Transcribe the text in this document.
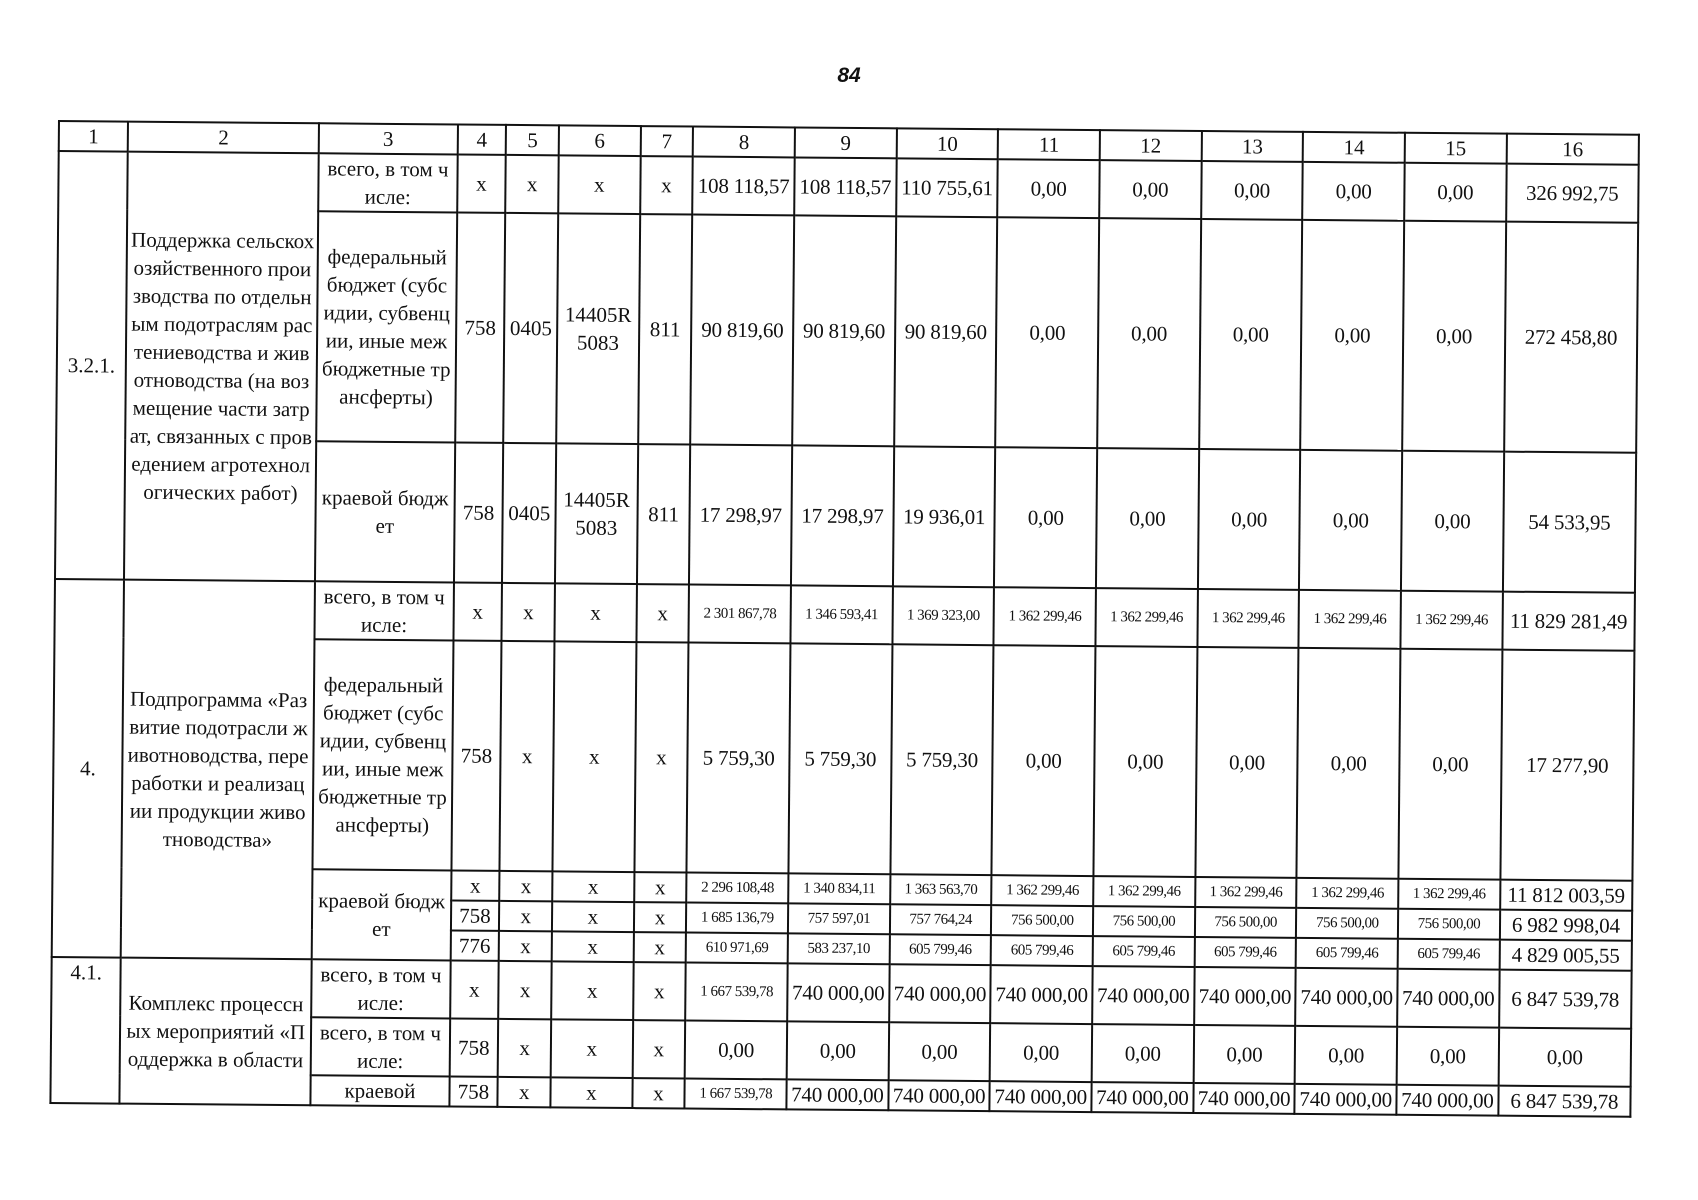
84
1	2	3	4	5	6	7	8	9	10	11	12	13	14	15	16
3.2.1.	Поддержка сельскохозяйственного производства по отдельным подотраслям растениеводства и животноводства (на возмещение части затрат, связанных с проведением агротехнологических работ)	всего, в том числе:	x	x	x	x	108 118,57	108 118,57	110 755,61	0,00	0,00	0,00	0,00	0,00	326 992,75
		федеральный бюджет (субсидии, субвенции, иные межбюджетные трансферты)	758	0405	14405R5083	811	90 819,60	90 819,60	90 819,60	0,00	0,00	0,00	0,00	0,00	272 458,80
		краевой бюджет	758	0405	14405R5083	811	17 298,97	17 298,97	19 936,01	0,00	0,00	0,00	0,00	0,00	54 533,95
4.	Подпрограмма «Развитие подотрасли животноводства, переработки и реализации продукции животноводства»	всего, в том числе:	x	x	x	x	2 301 867,78	1 346 593,41	1 369 323,00	1 362 299,46	1 362 299,46	1 362 299,46	1 362 299,46	1 362 299,46	11 829 281,49
		федеральный бюджет (субсидии, субвенции, иные межбюджетные трансферты)	758	x	x	x	5 759,30	5 759,30	5 759,30	0,00	0,00	0,00	0,00	0,00	17 277,90
		краевой бюджет	x	x	x	x	2 296 108,48	1 340 834,11	1 363 563,70	1 362 299,46	1 362 299,46	1 362 299,46	1 362 299,46	1 362 299,46	11 812 003,59
			758	x	x	x	1 685 136,79	757 597,01	757 764,24	756 500,00	756 500,00	756 500,00	756 500,00	756 500,00	6 982 998,04
			776	x	x	x	610 971,69	583 237,10	605 799,46	605 799,46	605 799,46	605 799,46	605 799,46	605 799,46	4 829 005,55
4.1.	Комплекс процессных мероприятий «Поддержка в области	всего, в том числе:	x	x	x	x	1 667 539,78	740 000,00	740 000,00	740 000,00	740 000,00	740 000,00	740 000,00	740 000,00	6 847 539,78
		всего, в том числе:	758	x	x	x	0,00	0,00	0,00	0,00	0,00	0,00	0,00	0,00	0,00
		краевой	758	x	x	x	1 667 539,78	740 000,00	740 000,00	740 000,00	740 000,00	740 000,00	740 000,00	740 000,00	6 847 539,78
